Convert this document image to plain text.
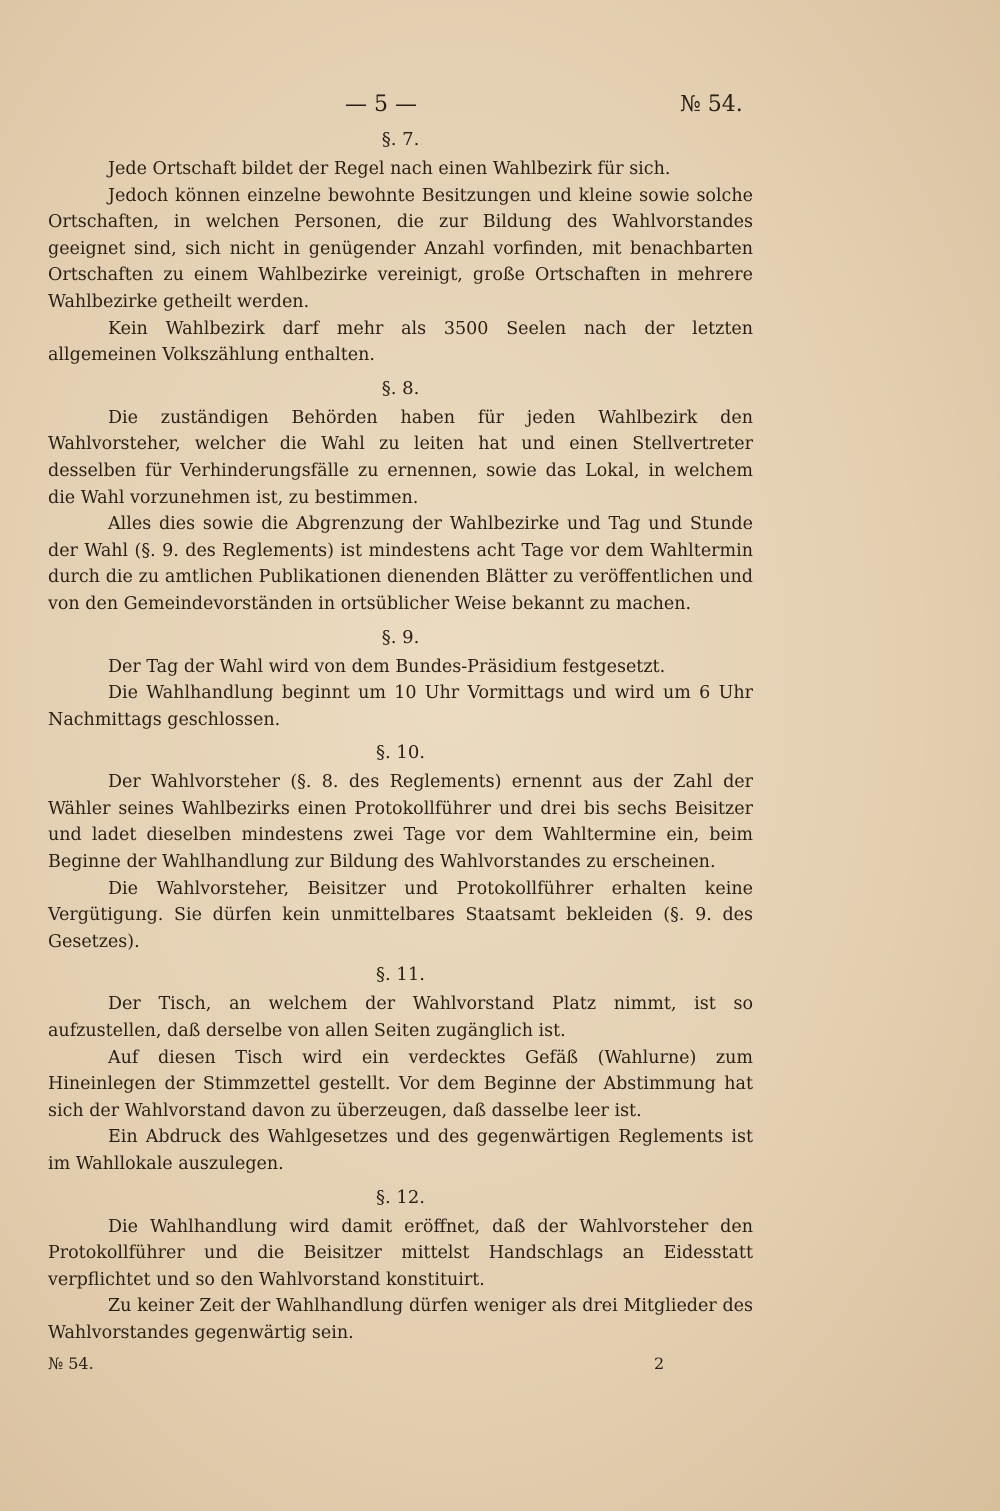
— 5 —	№ 54.
§. 7.

Jede Ortschaft bildet der Regel nach einen Wahlbezirk für sich.

Jedoch können einzelne bewohnte Besitzungen und kleine sowie solche Ortschaften, in welchen Personen, die zur Bildung des Wahlvorstandes geeignet sind, sich nicht in genügender Anzahl vorfinden, mit benachbarten Ortschaften zu einem Wahlbezirke vereinigt, große Ortschaften in mehrere Wahlbezirke getheilt werden.

Kein Wahlbezirk darf mehr als 3500 Seelen nach der letzten allgemeinen Volkszählung enthalten.

§. 8.

Die zuständigen Behörden haben für jeden Wahlbezirk den Wahlvorsteher, welcher die Wahl zu leiten hat und einen Stellvertreter desselben für Verhinderungsfälle zu ernennen, sowie das Lokal, in welchem die Wahl vorzunehmen ist, zu bestimmen.

Alles dies sowie die Abgrenzung der Wahlbezirke und Tag und Stunde der Wahl (§. 9. des Reglements) ist mindestens acht Tage vor dem Wahltermin durch die zu amtlichen Publikationen dienenden Blätter zu veröffentlichen und von den Gemeindevorständen in ortsüblicher Weise bekannt zu machen.

§. 9.

Der Tag der Wahl wird von dem Bundes-Präsidium festgesetzt.

Die Wahlhandlung beginnt um 10 Uhr Vormittags und wird um 6 Uhr Nachmittags geschlossen.

§. 10.

Der Wahlvorsteher (§. 8. des Reglements) ernennt aus der Zahl der Wähler seines Wahlbezirks einen Protokollführer und drei bis sechs Beisitzer und ladet dieselben mindestens zwei Tage vor dem Wahltermine ein, beim Beginne der Wahlhandlung zur Bildung des Wahlvorstandes zu erscheinen.

Die Wahlvorsteher, Beisitzer und Protokollführer erhalten keine Vergütigung. Sie dürfen kein unmittelbares Staatsamt bekleiden (§. 9. des Gesetzes).

§. 11.

Der Tisch, an welchem der Wahlvorstand Platz nimmt, ist so aufzustellen, daß derselbe von allen Seiten zugänglich ist.

Auf diesen Tisch wird ein verdecktes Gefäß (Wahlurne) zum Hineinlegen der Stimmzettel gestellt. Vor dem Beginne der Abstimmung hat sich der Wahlvorstand davon zu überzeugen, daß dasselbe leer ist.

Ein Abdruck des Wahlgesetzes und des gegenwärtigen Reglements ist im Wahllokale auszulegen.

§. 12.

Die Wahlhandlung wird damit eröffnet, daß der Wahlvorsteher den Protokollführer und die Beisitzer mittelst Handschlags an Eidesstatt verpflichtet und so den Wahlvorstand konstituirt.

Zu keiner Zeit der Wahlhandlung dürfen weniger als drei Mitglieder des Wahlvorstandes gegenwärtig sein.

№ 54.	2
